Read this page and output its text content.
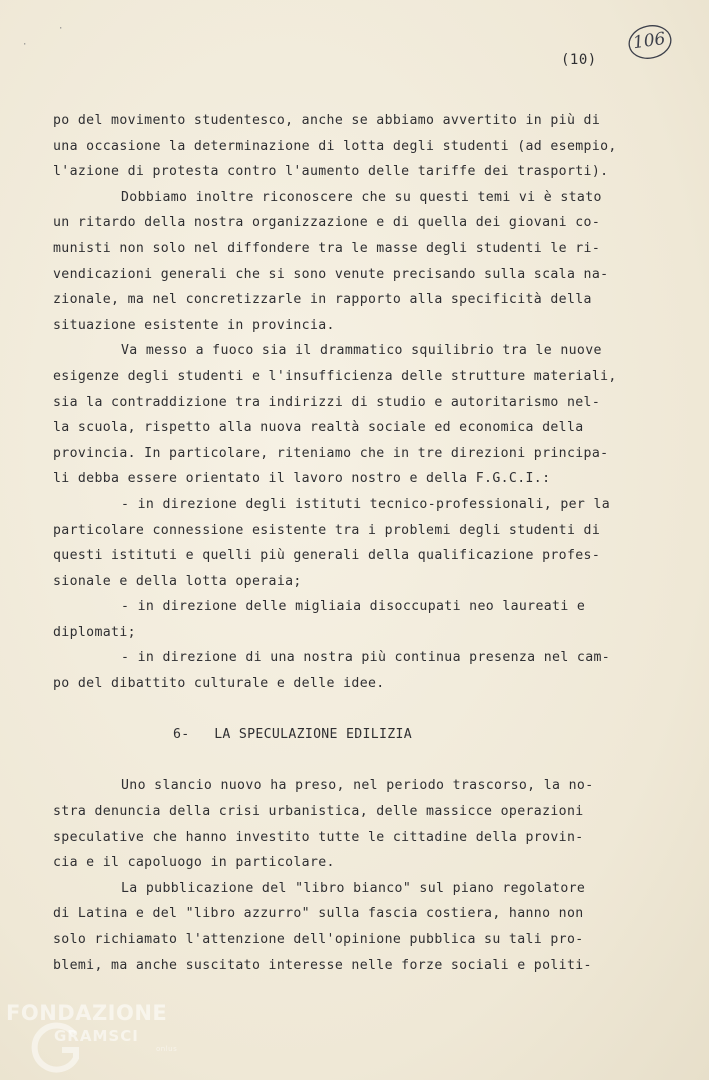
·
·
(10)
106
po del movimento studentesco, anche se abbiamo avvertito in più di
una occasione la determinazione di lotta degli studenti (ad esempio,
l'azione di protesta contro l'aumento delle tariffe dei trasporti).
Dobbiamo inoltre riconoscere che su questi temi vi è stato
un ritardo della nostra organizzazione e di quella dei giovani co-
munisti non solo nel diffondere tra le masse degli studenti le ri-
vendicazioni generali che si sono venute precisando sulla scala na-
zionale, ma nel concretizzarle in rapporto alla specificità della
situazione esistente in provincia.
Va messo a fuoco sia il drammatico squilibrio tra le nuove
esigenze degli studenti e l'insufficienza delle strutture materiali,
sia la contraddizione tra indirizzi di studio e autoritarismo nel-
la scuola, rispetto alla nuova realtà sociale ed economica della
provincia. In particolare, riteniamo che in tre direzioni principa-
li debba essere orientato il lavoro nostro e della F.G.C.I.:
- in direzione degli istituti tecnico-professionali, per la
particolare connessione esistente tra i problemi degli studenti di
questi istituti e quelli più generali della qualificazione profes-
sionale e della lotta operaia;
- in direzione delle migliaia disoccupati neo laureati e
diplomati;
- in direzione di una nostra più continua presenza nel cam-
po del dibattito culturale e delle idee.
6-   LA SPECULAZIONE EDILIZIA
Uno slancio nuovo ha preso, nel periodo trascorso, la no-
stra denuncia della crisi urbanistica, delle massicce operazioni
speculative che hanno investito tutte le cittadine della provin-
cia e il capoluogo in particolare.
La pubblicazione del "libro bianco" sul piano regolatore
di Latina e del "libro azzurro" sulla fascia costiera, hanno non
solo richiamato l'attenzione dell'opinione pubblica su tali pro-
blemi, ma anche suscitato interesse nelle forze sociali e politi-
FONDAZIONE
GRAMSCI
onlus
